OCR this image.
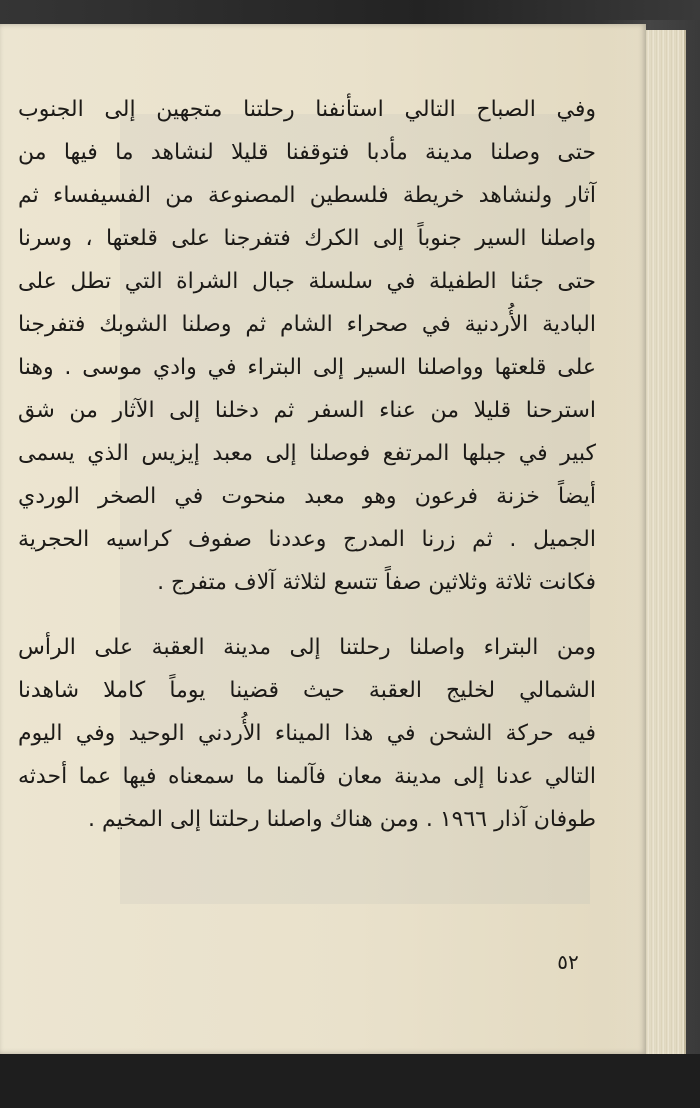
وفي الصباح التالي استأنفنا رحلتنا متجهين إلى الجنوب
حتى وصلنا مدينة مأدبا فتوقفنا قليلا لنشاهد ما فيها من
آثار ولنشاهد خريطة فلسطين المصنوعة من الفسيفساء ثم
واصلنا السير جنوباً إلى الكرك فتفرجنا على قلعتها ، وسرنا
حتى جئنا الطفيلة في سلسلة جبال الشراة التي تطل على
البادية الأُردنية في صحراء الشام ثم وصلنا الشوبك فتفرجنا
على قلعتها وواصلنا السير إلى البتراء في وادي موسى . وهنا
استرحنا قليلا من عناء السفر ثم دخلنا إلى الآثار من شق
كبير في جبلها المرتفع فوصلنا إلى معبد إيزيس الذي يسمى
أيضاً خزنة فرعون وهو معبد منحوت في الصخر الوردي
الجميل . ثم زرنا المدرج وعددنا صفوف كراسيه الحجرية
فكانت ثلاثة وثلاثين صفاً تتسع لثلاثة آلاف متفرج .
ومن البتراء واصلنا رحلتنا إلى مدينة العقبة على الرأس
الشمالي لخليج العقبة حيث قضينا يوماً كاملا شاهدنا
فيه حركة الشحن في هذا الميناء الأُردني الوحيد وفي اليوم
التالي عدنا إلى مدينة معان فآلمنا ما سمعناه فيها عما أحدثه
طوفان آذار ١٩٦٦ . ومن هناك واصلنا رحلتنا إلى المخيم .
٥٢
